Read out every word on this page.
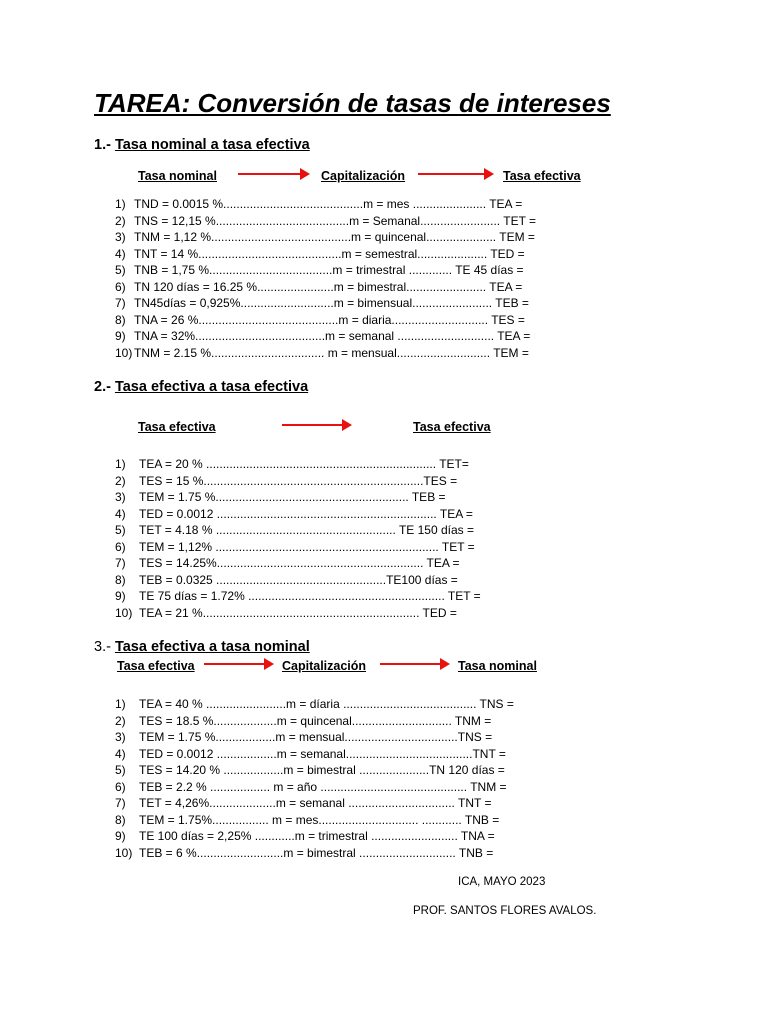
TAREA: Conversión de tasas de intereses
1.- Tasa nominal a tasa efectiva
Tasa nominal	Capitalización	Tasa efectiva
1) TND = 0.0015 %..........................................m = mes ...................... TEA =
2) TNS = 12,15 %........................................m = Semanal........................ TET =
3) TNM = 1,12 %..........................................m = quincenal..................... TEM =
4) TNT = 14 %...........................................m = semestral..................... TED =
5) TNB = 1,75 %.....................................m = trimestral ............. TE 45 días =
6) TN 120 días = 16.25 %.......................m = bimestral........................ TEA =
7) TN45días = 0,925%............................m = bimensual........................ TEB =
8) TNA = 26 %..........................................m = diaria............................. TES =
9) TNA = 32%.......................................m = semanal ............................. TEA =
10) TNM = 2.15 %.................................. m = mensual............................ TEM =
2.- Tasa efectiva a tasa efectiva
Tasa efectiva	Tasa efectiva
1) TEA = 20 % ..................................................................... TET=
2) TES = 15 %..................................................................TES =
3) TEM = 1.75 %.......................................................... TEB =
4) TED = 0.0012 .................................................................. TEA =
5) TET = 4.18 % ...................................................... TE 150 días =
6) TEM = 1,12% ................................................................... TET =
7) TES = 14.25%.............................................................. TEA =
8) TEB = 0.0325 ...................................................TE100 días =
9) TE 75 días = 1.72% ........................................................... TET =
10) TEA = 21 %................................................................. TED =
3.- Tasa efectiva a tasa nominal
Tasa efectiva	Capitalización	Tasa nominal
1) TEA = 40 % ........................m = díaria ........................................ TNS =
2) TES = 18.5 %...................m = quincenal.............................. TNM =
3) TEM = 1.75 %..................m = mensual..................................TNS =
4) TED = 0.0012 ..................m = semanal......................................TNT =
5) TES = 14.20 % ..................m = bimestral .....................TN 120 días =
6) TEB = 2.2 % .................. m = año ............................................ TNM =
7) TET = 4,26%....................m = semanal ................................ TNT =
8) TEM = 1.75%................. m = mes.............................. ............ TNB =
9) TE 100 días = 2,25% ............m = trimestral .......................... TNA =
10) TEB = 6 %..........................m = bimestral ............................. TNB =
ICA, MAYO 2023
PROF. SANTOS FLORES AVALOS.
